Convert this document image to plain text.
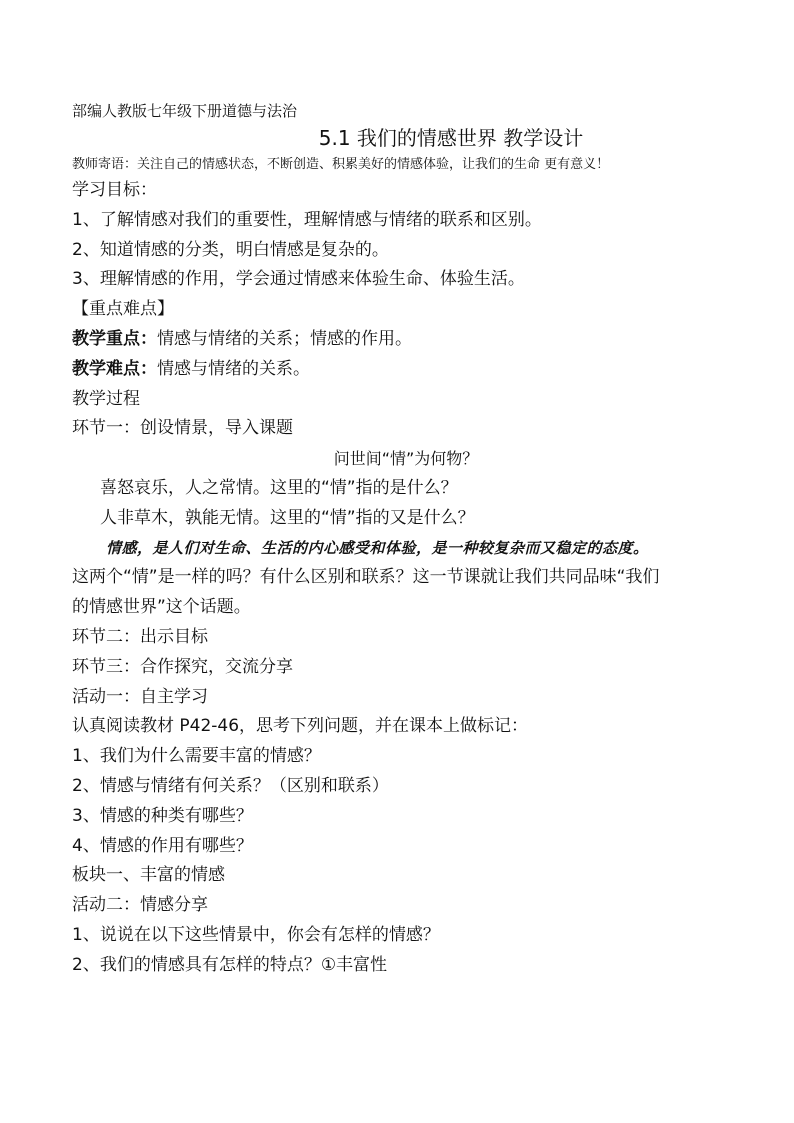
部编人教版七年级下册道德与法治
5.1 我们的情感世界 教学设计
教师寄语：关注自己的情感状态，不断创造、积累美好的情感体验，让我们的生命 更有意义！
学习目标：
1、了解情感对我们的重要性，理解情感与情绪的联系和区别。
2、知道情感的分类，明白情感是复杂的。
3、理解情感的作用，学会通过情感来体验生命、体验生活。
【重点难点】
教学重点：情感与情绪的关系；情感的作用。
教学难点：情感与情绪的关系。
教学过程
环节一：创设情景，导入课题
问世间“情”为何物？
喜怒哀乐，人之常情。这里的“情”指的是什么？
人非草木，孰能无情。这里的“情”指的又是什么？
情感，是人们对生命、生活的内心感受和体验，是一种较复杂而又稳定的态度。
这两个“情”是一样的吗？有什么区别和联系？这一节课就让我们共同品味“我们
的情感世界”这个话题。
环节二：出示目标
环节三：合作探究，交流分享
活动一：自主学习
认真阅读教材 P42-46，思考下列问题，并在课本上做标记：
1、我们为什么需要丰富的情感？
2、情感与情绪有何关系？（区别和联系）
3、情感的种类有哪些？
4、情感的作用有哪些？
板块一、丰富的情感
活动二：情感分享
1、说说在以下这些情景中，你会有怎样的情感？
2、我们的情感具有怎样的特点？①丰富性
